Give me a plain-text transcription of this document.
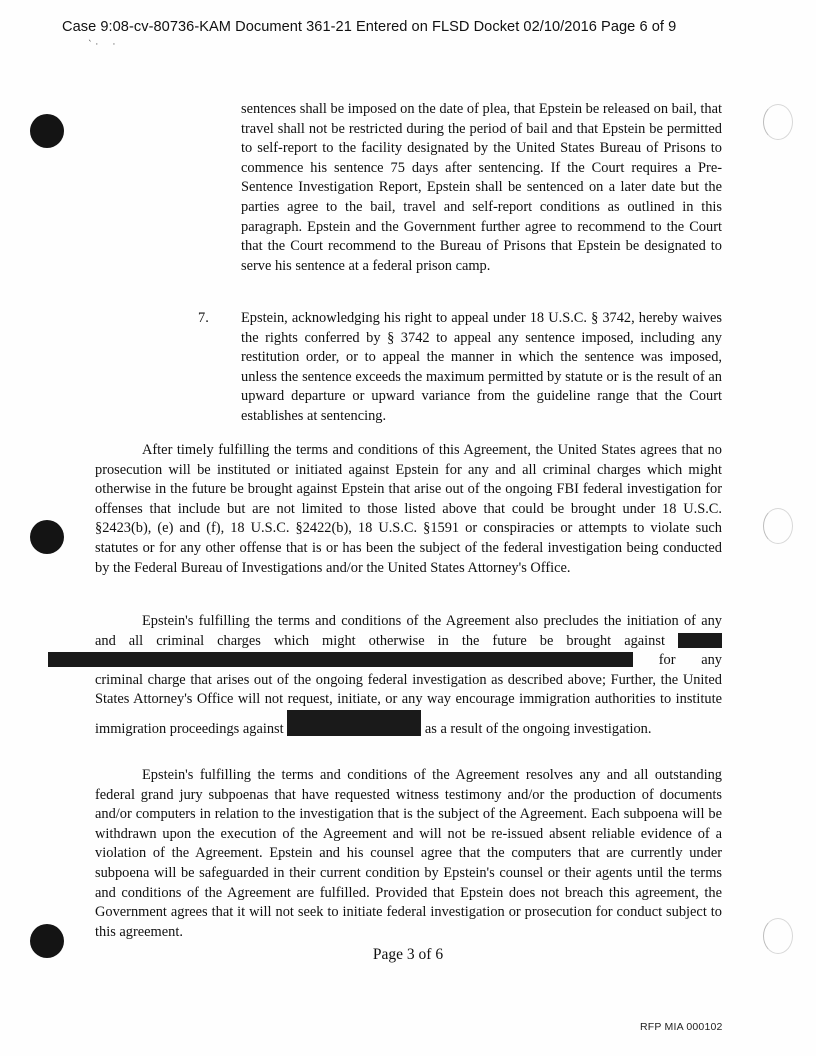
Case 9:08-cv-80736-KAM Document 361-21 Entered on FLSD Docket 02/10/2016 Page 6 of 9
` ·     ·
sentences shall be imposed on the date of plea, that Epstein be released on bail, that travel shall not be restricted during the period of bail and that Epstein be permitted to self-report to the facility designated by the United States Bureau of Prisons to commence his sentence 75 days after sentencing. If the Court requires a Pre-Sentence Investigation Report, Epstein shall be sentenced on a later date but the parties agree to the bail, travel and self-report conditions as outlined in this paragraph. Epstein and the Government further agree to recommend to the Court that the Court recommend to the Bureau of Prisons that Epstein be designated to serve his sentence at a federal prison camp.
7. Epstein, acknowledging his right to appeal under 18 U.S.C. § 3742, hereby waives the rights conferred by § 3742 to appeal any sentence imposed, including any restitution order, or to appeal the manner in which the sentence was imposed, unless the sentence exceeds the maximum permitted by statute or is the result of an upward departure or upward variance from the guideline range that the Court establishes at sentencing.

After timely fulfilling the terms and conditions of this Agreement, the United States agrees that no prosecution will be instituted or initiated against Epstein for any and all criminal charges which might otherwise in the future be brought against Epstein that arise out of the ongoing FBI federal investigation for offenses that include but are not limited to those listed above that could be brought under 18 U.S.C. §2423(b), (e) and (f), 18 U.S.C. §2422(b), 18 U.S.C. §1591 or conspiracies or attempts to violate such statutes or for any other offense that is or has been the subject of the federal investigation being conducted by the Federal Bureau of Investigations and/or the United States Attorney's Office.

Epstein's fulfilling the terms and conditions of the Agreement also precludes the initiation of any and all criminal charges which might otherwise in the future be brought against  for any criminal charge that arises out of the ongoing federal investigation as described above; Further, the United States Attorney's Office will not request, initiate, or any way encourage immigration authorities to institute immigration proceedings against	as a result of the ongoing investigation.

Epstein's fulfilling the terms and conditions of the Agreement resolves any and all outstanding federal grand jury subpoenas that have requested witness testimony and/or the production of documents and/or computers in relation to the investigation that is the subject of the Agreement. Each subpoena will be withdrawn upon the execution of the Agreement and will not be re-issued absent reliable evidence of a violation of the Agreement. Epstein and his counsel agree that the computers that are currently under subpoena will be safeguarded in their current condition by Epstein's counsel or their agents until the terms and conditions of the Agreement are fulfilled. Provided that Epstein does not breach this agreement, the Government agrees that it will not seek to initiate federal investigation or prosecution for conduct subject to this agreement.

Page 3 of 6
RFP MIA 000102
